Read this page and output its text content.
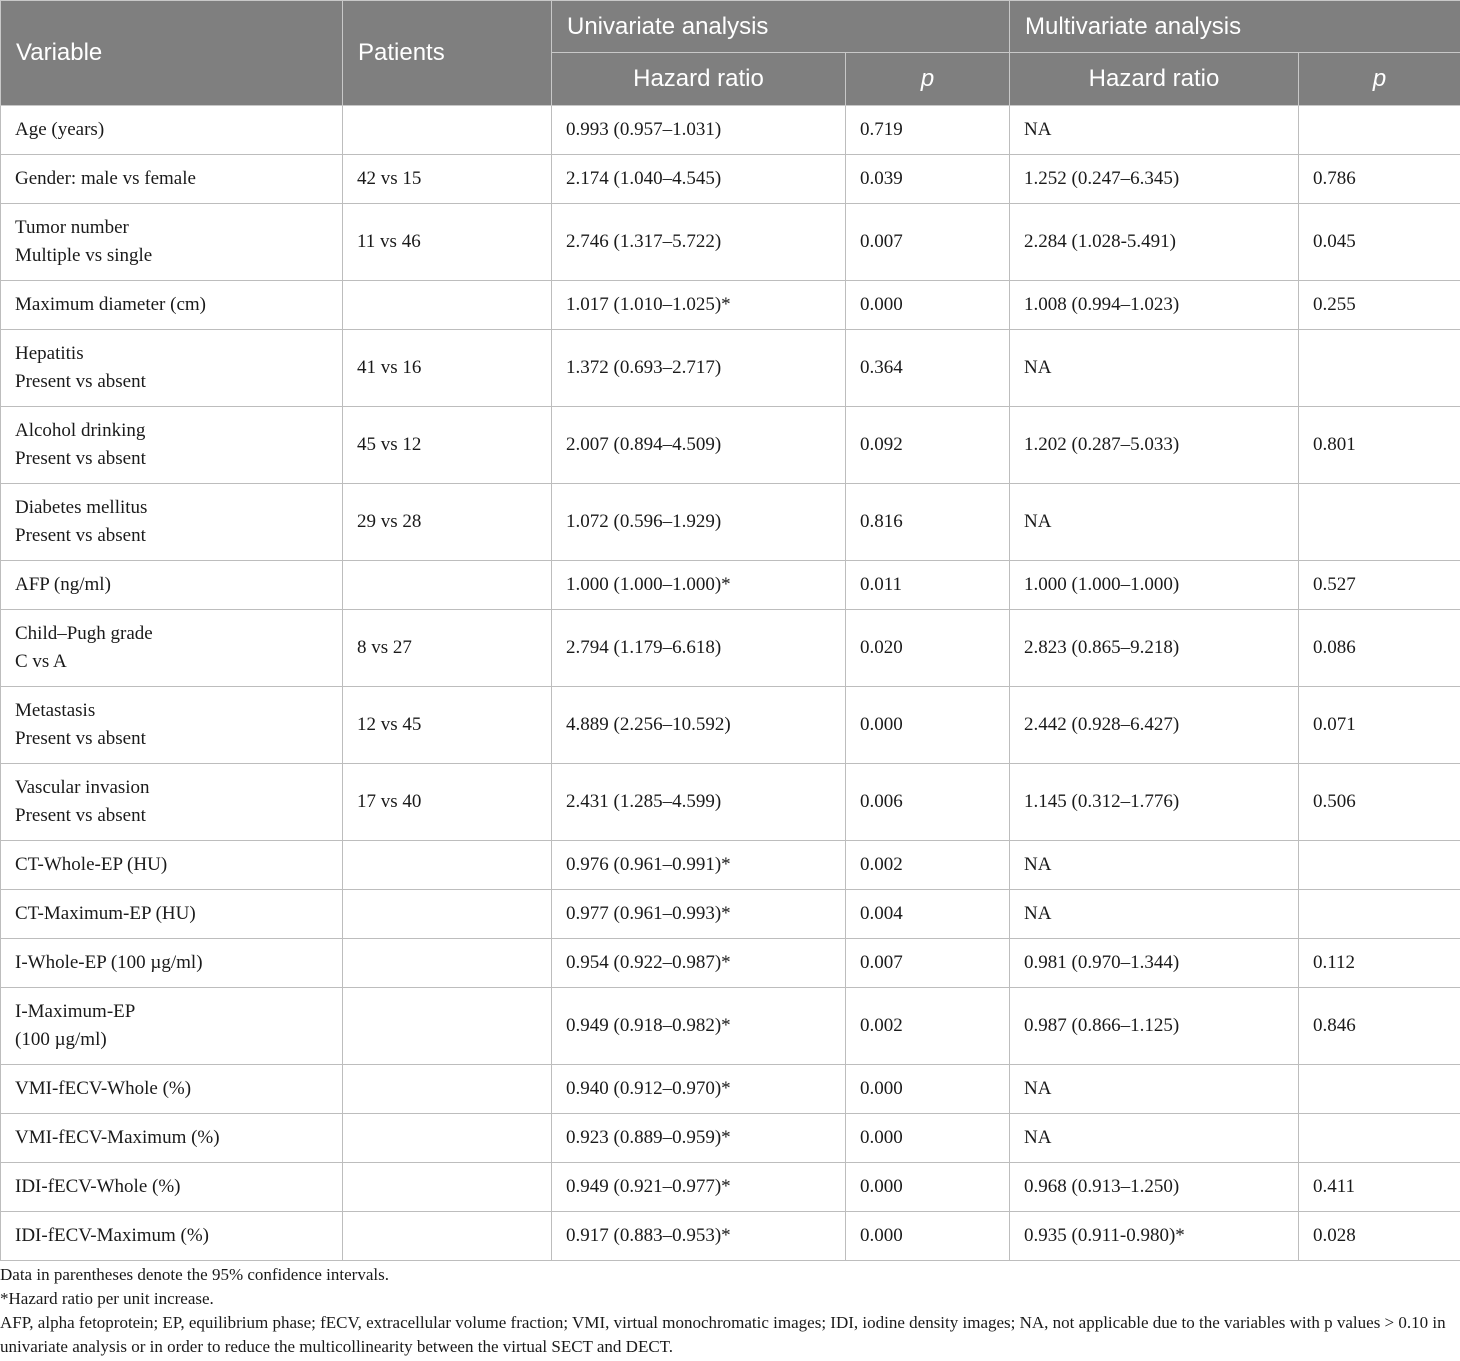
Variable	Patients	Univariate analysis		Multivariate analysis	
		Hazard ratio	p	Hazard ratio	p
Age (years)		0.993 (0.957–1.031)	0.719	NA	
Gender: male vs female	42 vs 15	2.174 (1.040–4.545)	0.039	1.252 (0.247–6.345)	0.786
Tumor number
Multiple vs single	11 vs 46	2.746 (1.317–5.722)	0.007	2.284 (1.028-5.491)	0.045
Maximum diameter (cm)		1.017 (1.010–1.025)*	0.000	1.008 (0.994–1.023)	0.255
Hepatitis
Present vs absent	41 vs 16	1.372 (0.693–2.717)	0.364	NA	
Alcohol drinking
Present vs absent	45 vs 12	2.007 (0.894–4.509)	0.092	1.202 (0.287–5.033)	0.801
Diabetes mellitus
Present vs absent	29 vs 28	1.072 (0.596–1.929)	0.816	NA	
AFP (ng/ml)		1.000 (1.000–1.000)*	0.011	1.000 (1.000–1.000)	0.527
Child–Pugh grade
C vs A	8 vs 27	2.794 (1.179–6.618)	0.020	2.823 (0.865–9.218)	0.086
Metastasis
Present vs absent	12 vs 45	4.889 (2.256–10.592)	0.000	2.442 (0.928–6.427)	0.071
Vascular invasion
Present vs absent	17 vs 40	2.431 (1.285–4.599)	0.006	1.145 (0.312–1.776)	0.506
CT-Whole-EP (HU)		0.976 (0.961–0.991)*	0.002	NA	
CT-Maximum-EP (HU)		0.977 (0.961–0.993)*	0.004	NA	
I-Whole-EP (100 µg/ml)		0.954 (0.922–0.987)*	0.007	0.981 (0.970–1.344)	0.112
I-Maximum-EP
(100 µg/ml)		0.949 (0.918–0.982)*	0.002	0.987 (0.866–1.125)	0.846
VMI-fECV-Whole (%)		0.940 (0.912–0.970)*	0.000	NA	
VMI-fECV-Maximum (%)		0.923 (0.889–0.959)*	0.000	NA	
IDI-fECV-Whole (%)		0.949 (0.921–0.977)*	0.000	0.968 (0.913–1.250)	0.411
IDI-fECV-Maximum (%)		0.917 (0.883–0.953)*	0.000	0.935 (0.911-0.980)*	0.028
Data in parentheses denote the 95% confidence intervals.
*Hazard ratio per unit increase.
AFP, alpha fetoprotein; EP, equilibrium phase; fECV, extracellular volume fraction; VMI, virtual monochromatic images; IDI, iodine density images; NA, not applicable due to the variables with p values > 0.10 in univariate analysis or in order to reduce the multicollinearity between the virtual SECT and DECT.
